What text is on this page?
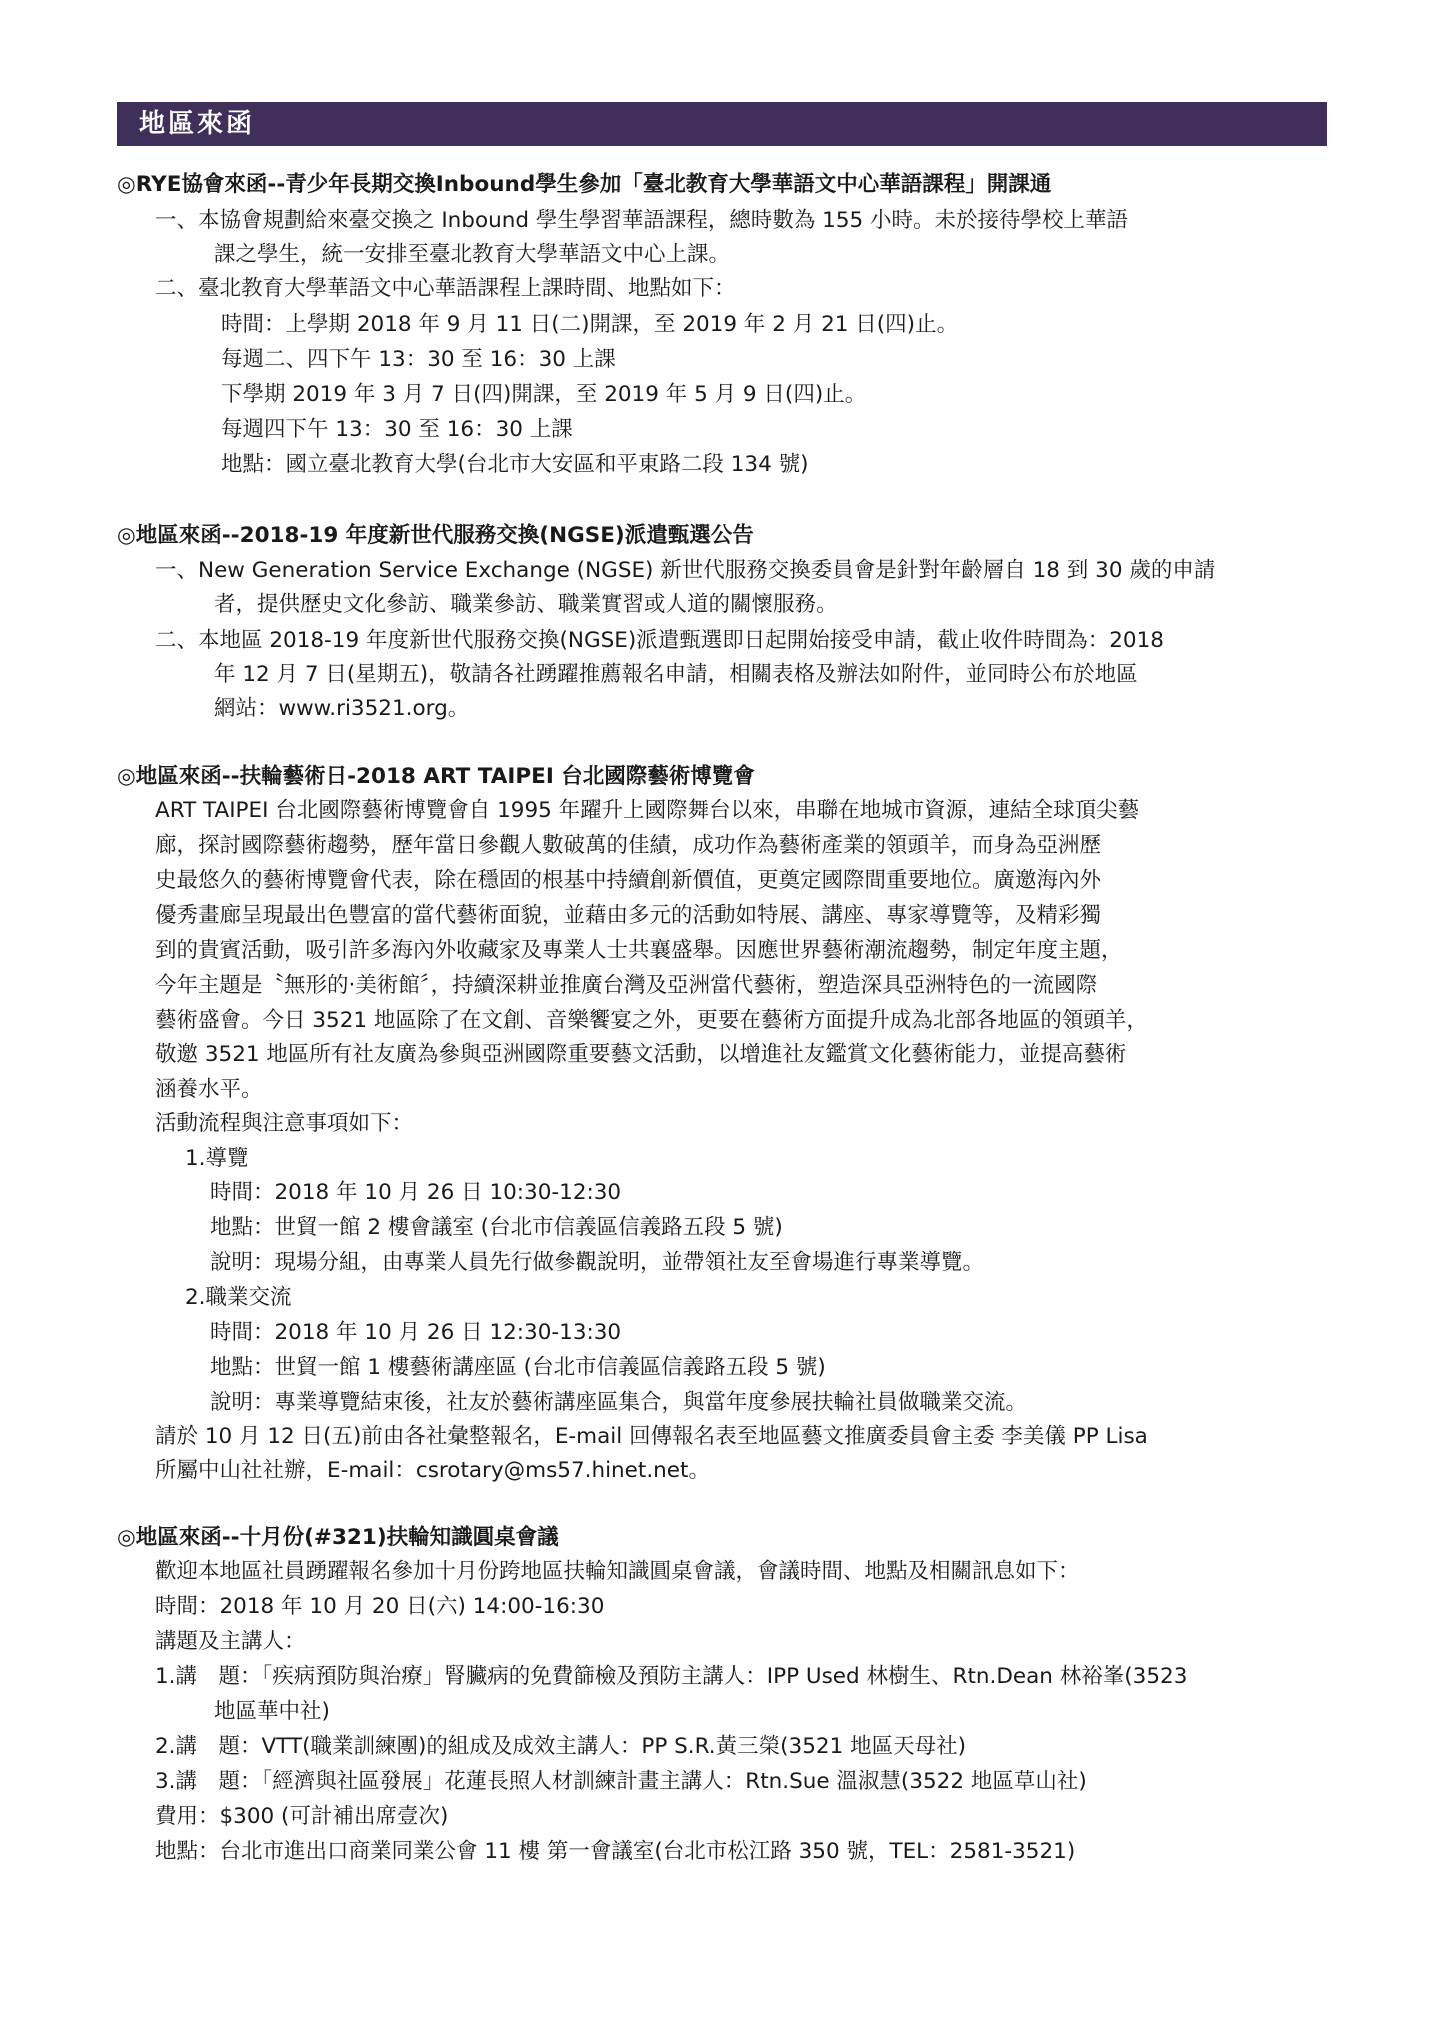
地區來函
◎RYE協會來函--青少年長期交換Inbound學生參加「臺北教育大學華語文中心華語課程」開課通
一、本協會規劃給來臺交換之 Inbound 學生學習華語課程，總時數為 155 小時。未於接待學校上華語
課之學生，統一安排至臺北教育大學華語文中心上課。
二、臺北教育大學華語文中心華語課程上課時間、地點如下：
時間：上學期 2018 年 9 月 11 日(二)開課，至 2019 年 2 月 21 日(四)止。
每週二、四下午 13：30 至 16：30 上課
下學期 2019 年 3 月 7 日(四)開課，至 2019 年 5 月 9 日(四)止。
每週四下午 13：30 至 16：30 上課
地點：國立臺北教育大學(台北市大安區和平東路二段 134 號)
◎地區來函--2018-19 年度新世代服務交換(NGSE)派遣甄選公告
一、New Generation Service Exchange (NGSE) 新世代服務交換委員會是針對年齡層自 18 到 30 歲的申請
者，提供歷史文化參訪、職業參訪、職業實習或人道的關懷服務。
二、本地區 2018-19 年度新世代服務交換(NGSE)派遣甄選即日起開始接受申請，截止收件時間為：2018
年 12 月 7 日(星期五)，敬請各社踴躍推薦報名申請，相關表格及辦法如附件，並同時公布於地區
網站：www.ri3521.org。
◎地區來函--扶輪藝術日-2018 ART TAIPEI 台北國際藝術博覽會
ART TAIPEI 台北國際藝術博覽會自 1995 年躍升上國際舞台以來，串聯在地城市資源，連結全球頂尖藝
廊，探討國際藝術趨勢，歷年當日參觀人數破萬的佳績，成功作為藝術產業的領頭羊，而身為亞洲歷
史最悠久的藝術博覽會代表，除在穩固的根基中持續創新價值，更奠定國際間重要地位。廣邀海內外
優秀畫廊呈現最出色豐富的當代藝術面貌，並藉由多元的活動如特展、講座、專家導覽等，及精彩獨
到的貴賓活動，吸引許多海內外收藏家及專業人士共襄盛舉。因應世界藝術潮流趨勢，制定年度主題，
今年主題是〝無形的‧美術館〞，持續深耕並推廣台灣及亞洲當代藝術，塑造深具亞洲特色的一流國際
藝術盛會。今日 3521 地區除了在文創、音樂饗宴之外，更要在藝術方面提升成為北部各地區的領頭羊，
敬邀 3521 地區所有社友廣為參與亞洲國際重要藝文活動，以增進社友鑑賞文化藝術能力，並提高藝術
涵養水平。
活動流程與注意事項如下：
1.導覽
時間：2018 年 10 月 26 日 10:30-12:30
地點：世貿一館 2 樓會議室 (台北市信義區信義路五段 5 號)
說明：現場分組，由專業人員先行做參觀說明，並帶領社友至會場進行專業導覽。
2.職業交流
時間：2018 年 10 月 26 日 12:30-13:30
地點：世貿一館 1 樓藝術講座區 (台北市信義區信義路五段 5 號)
說明：專業導覽結束後，社友於藝術講座區集合，與當年度參展扶輪社員做職業交流。
請於 10 月 12 日(五)前由各社彙整報名，E-mail 回傳報名表至地區藝文推廣委員會主委 李美儀 PP Lisa
所屬中山社社辦，E-mail：csrotary@ms57.hinet.net。
◎地區來函--十月份(#321)扶輪知識圓桌會議
歡迎本地區社員踴躍報名參加十月份跨地區扶輪知識圓桌會議，會議時間、地點及相關訊息如下：
時間：2018 年 10 月 20 日(六) 14:00-16:30
講題及主講人：
1.講　題：「疾病預防與治療」腎臟病的免費篩檢及預防主講人：IPP Used 林樹生、Rtn.Dean 林裕峯(3523
地區華中社)
2.講　題：VTT(職業訓練團)的組成及成效主講人：PP S.R.黃三榮(3521 地區天母社)
3.講　題：「經濟與社區發展」花蓮長照人材訓練計畫主講人：Rtn.Sue 溫淑慧(3522 地區草山社)
費用：$300 (可計補出席壹次)
地點：台北市進出口商業同業公會 11 樓 第一會議室(台北市松江路 350 號，TEL：2581-3521)
